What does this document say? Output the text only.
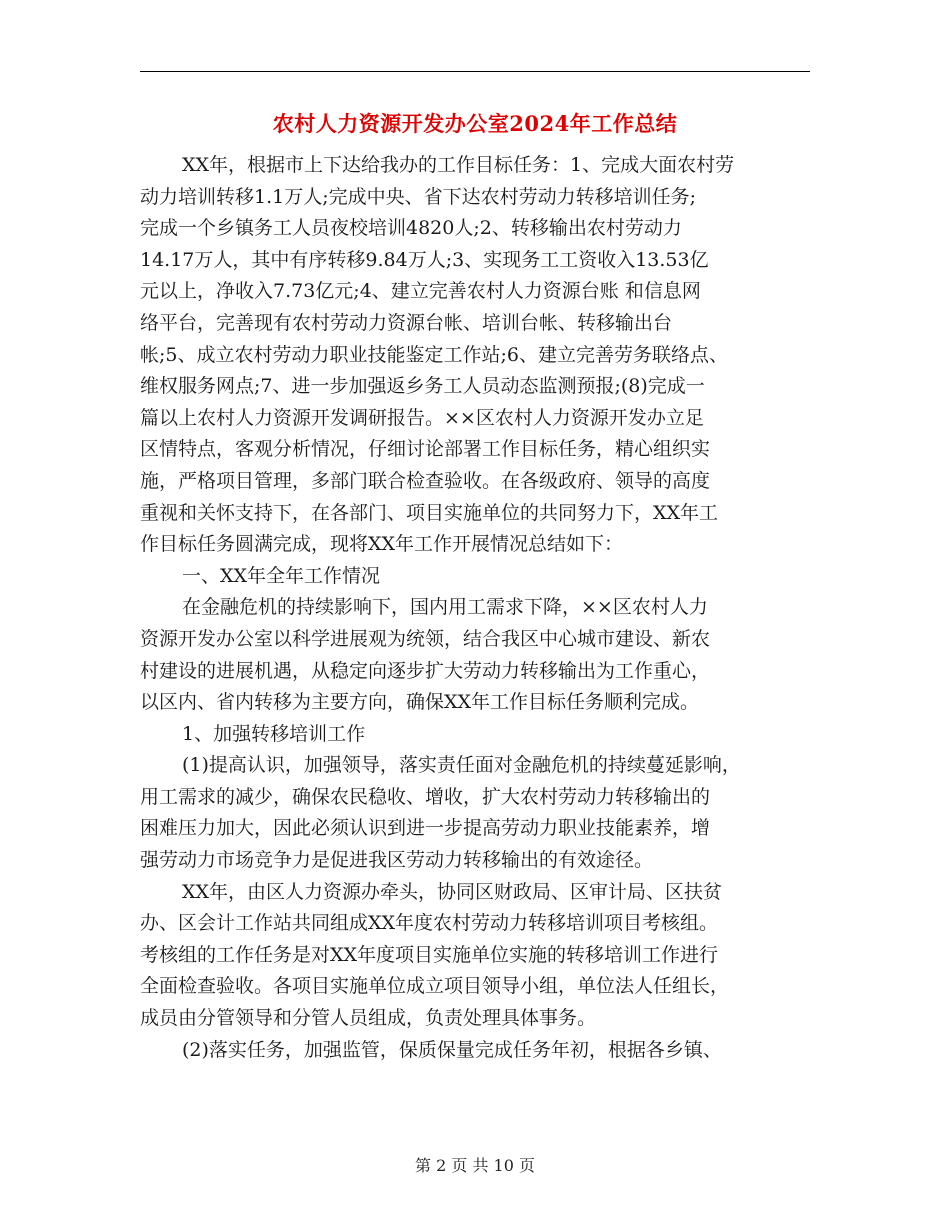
农村人力资源开发办公室2024年工作总结
XX年，根据市上下达给我办的工作目标任务：1、完成大面农村劳
动力培训转移1.1万人;完成中央、省下达农村劳动力转移培训任务;
完成一个乡镇务工人员夜校培训4820人;2、转移输出农村劳动力
14.17万人，其中有序转移9.84万人;3、实现务工工资收入13.53亿
元以上，净收入7.73亿元;4、建立完善农村人力资源台账 和信息网
络平台，完善现有农村劳动力资源台帐、培训台帐、转移输出台
帐;5、成立农村劳动力职业技能鉴定工作站;6、建立完善劳务联络点、
维权服务网点;7、进一步加强返乡务工人员动态监测预报;(8)完成一
篇以上农村人力资源开发调研报告。××区农村人力资源开发办立足
区情特点，客观分析情况，仔细讨论部署工作目标任务，精心组织实
施，严格项目管理，多部门联合检查验收。在各级政府、领导的高度
重视和关怀支持下，在各部门、项目实施单位的共同努力下，XX年工
作目标任务圆满完成，现将XX年工作开展情况总结如下：
一、XX年全年工作情况
在金融危机的持续影响下，国内用工需求下降，××区农村人力
资源开发办公室以科学进展观为统领，结合我区中心城市建设、新农
村建设的进展机遇，从稳定向逐步扩大劳动力转移输出为工作重心，
以区内、省内转移为主要方向，确保XX年工作目标任务顺利完成。
1、加强转移培训工作
(1)提高认识，加强领导，落实责任面对金融危机的持续蔓延影响，
用工需求的减少，确保农民稳收、增收，扩大农村劳动力转移输出的
困难压力加大，因此必须认识到进一步提高劳动力职业技能素养，增
强劳动力市场竞争力是促进我区劳动力转移输出的有效途径。
XX年，由区人力资源办牵头，协同区财政局、区审计局、区扶贫
办、区会计工作站共同组成XX年度农村劳动力转移培训项目考核组。
考核组的工作任务是对XX年度项目实施单位实施的转移培训工作进行
全面检查验收。各项目实施单位成立项目领导小组，单位法人任组长，
成员由分管领导和分管人员组成，负责处理具体事务。
(2)落实任务，加强监管，保质保量完成任务年初，根据各乡镇、
第 2 页 共 10 页
